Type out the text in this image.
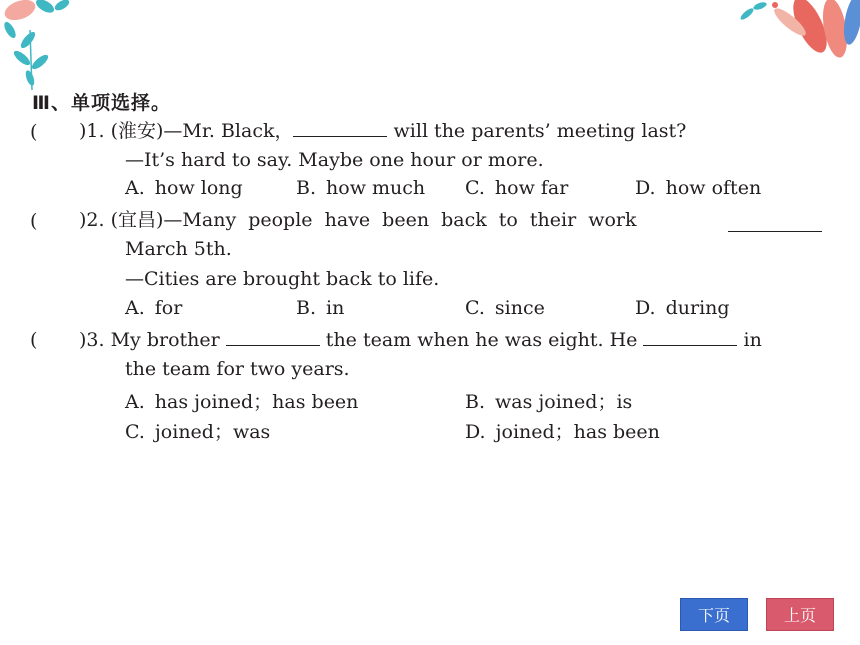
Ⅲ、单项选择。
( )1. (淮安)—Mr. Black，	will the parents’ meeting last?
—It’s hard to say. Maybe one hour or more.
A. how long	B. how much C. how far	D. how often
( )2. (宜昌)—Many people have been back to their work
March 5th.
—Cities are brought back to life.
A. for	B. in	C. since	D. during
( )3. My brother	the team when he was eight. He	in
the team for two years.
A. has joined；has been	B. was joined；is
C. joined；was	D. joined；has been
下页	上页
